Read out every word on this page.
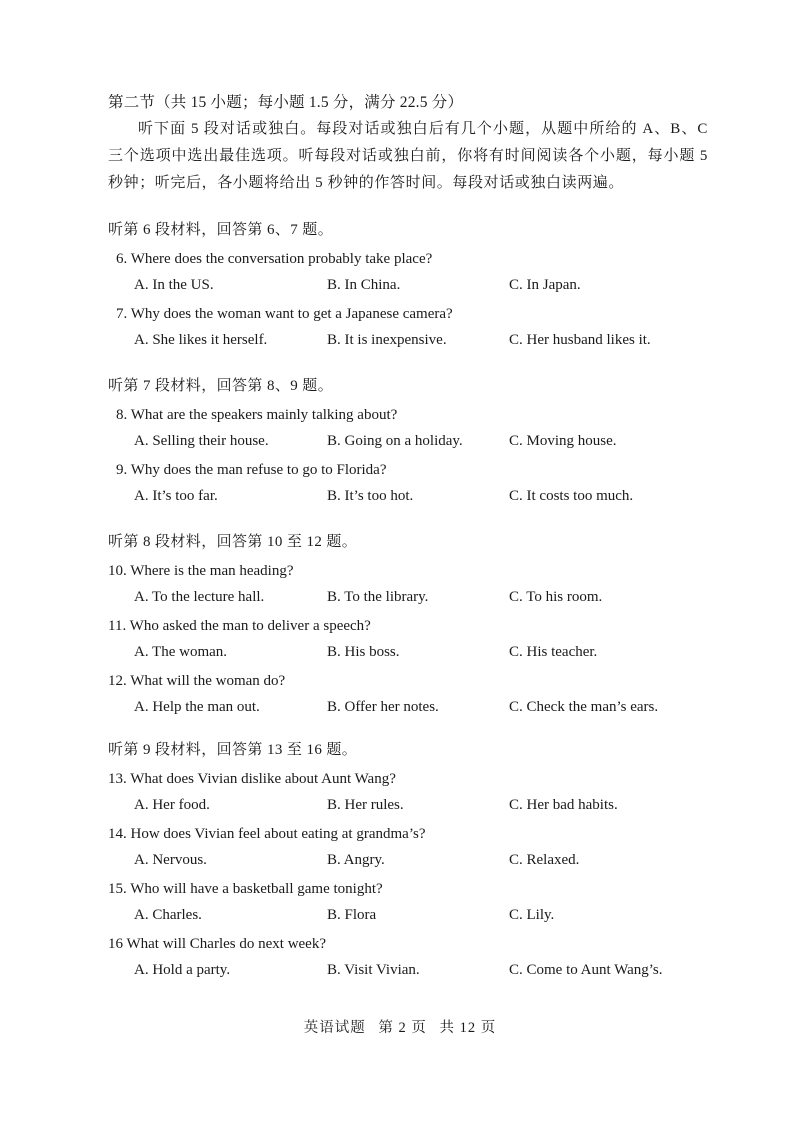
第二节（共 15 小题；每小题 1.5 分，满分 22.5 分）
听下面 5 段对话或独白。每段对话或独白后有几个小题，从题中所给的 A、B、C 三个选项中选出最佳选项。听每段对话或独白前，你将有时间阅读各个小题，每小题 5 秒钟；听完后，各小题将给出 5 秒钟的作答时间。每段对话或独白读两遍。
听第 6 段材料，回答第 6、7 题。
6. Where does the conversation probably take place?
A. In the US.	B. In China.	C. In Japan.
7. Why does the woman want to get a Japanese camera?
A. She likes it herself.	B. It is inexpensive.	C. Her husband likes it.
听第 7 段材料，回答第 8、9 题。
8. What are the speakers mainly talking about?
A. Selling their house.	B. Going on a holiday.	C. Moving house.
9. Why does the man refuse to go to Florida?
A. It’s too far.	B. It’s too hot.	C. It costs too much.
听第 8 段材料，回答第 10 至 12 题。
10. Where is the man heading?
A. To the lecture hall.	B. To the library.	C. To his room.
11. Who asked the man to deliver a speech?
A. The woman.	B. His boss.	C. His teacher.
12. What will the woman do?
A. Help the man out.	B. Offer her notes.	C. Check the man’s ears.
听第 9 段材料，回答第 13 至 16 题。
13. What does Vivian dislike about Aunt Wang?
A. Her food.	B. Her rules.	C. Her bad habits.
14. How does Vivian feel about eating at grandma’s?
A. Nervous.	B. Angry.	C. Relaxed.
15. Who will have a basketball game tonight?
A. Charles.	B. Flora	C. Lily.
16 What will Charles do next week?
A. Hold a party.	B. Visit Vivian.	C. Come to Aunt Wang’s.
英语试题 第 2 页 共 12 页
